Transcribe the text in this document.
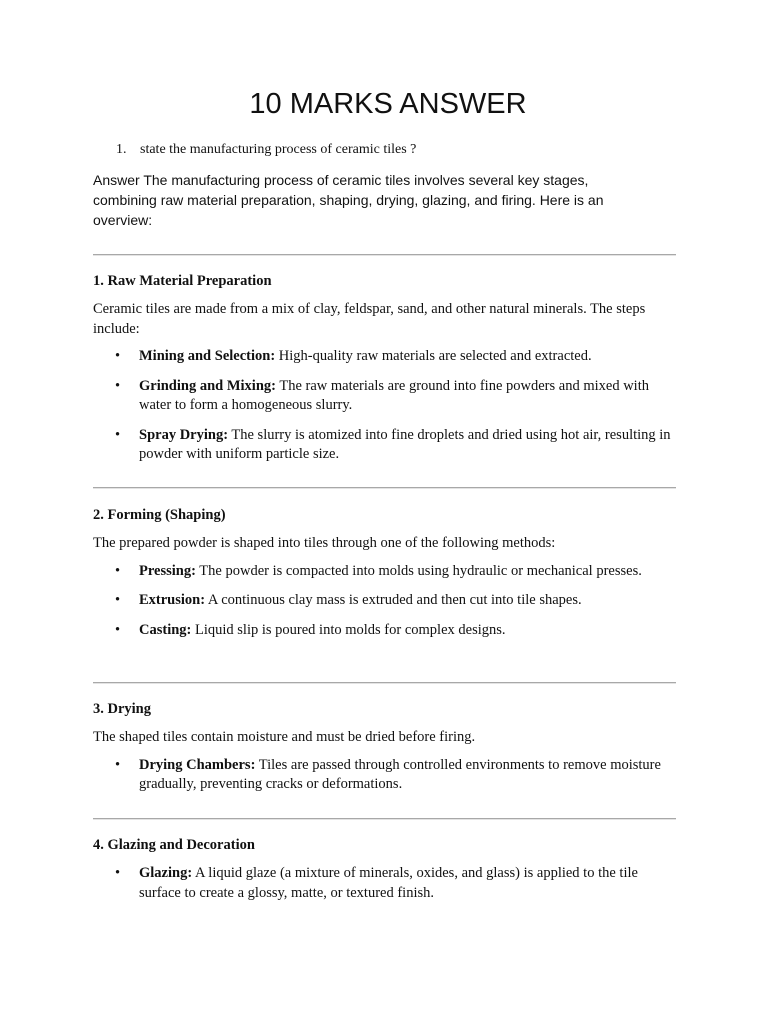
10 MARKS ANSWER
1. state the manufacturing process of ceramic tiles ?

Answer The manufacturing process of ceramic tiles involves several key stages, combining raw material preparation, shaping, drying, glazing, and firing. Here is an overview:

1. Raw Material Preparation

Ceramic tiles are made from a mix of clay, feldspar, sand, and other natural minerals. The steps include:

• Mining and Selection: High-quality raw materials are selected and extracted.
• Grinding and Mixing: The raw materials are ground into fine powders and mixed with water to form a homogeneous slurry.
• Spray Drying: The slurry is atomized into fine droplets and dried using hot air, resulting in powder with uniform particle size.
2. Forming (Shaping)

The prepared powder is shaped into tiles through one of the following methods:

• Pressing: The powder is compacted into molds using hydraulic or mechanical presses.
• Extrusion: A continuous clay mass is extruded and then cut into tile shapes.
• Casting: Liquid slip is poured into molds for complex designs.
3. Drying

The shaped tiles contain moisture and must be dried before firing.

• Drying Chambers: Tiles are passed through controlled environments to remove moisture gradually, preventing cracks or deformations.
4. Glazing and Decoration
• Glazing: A liquid glaze (a mixture of minerals, oxides, and glass) is applied to the tile surface to create a glossy, matte, or textured finish.
